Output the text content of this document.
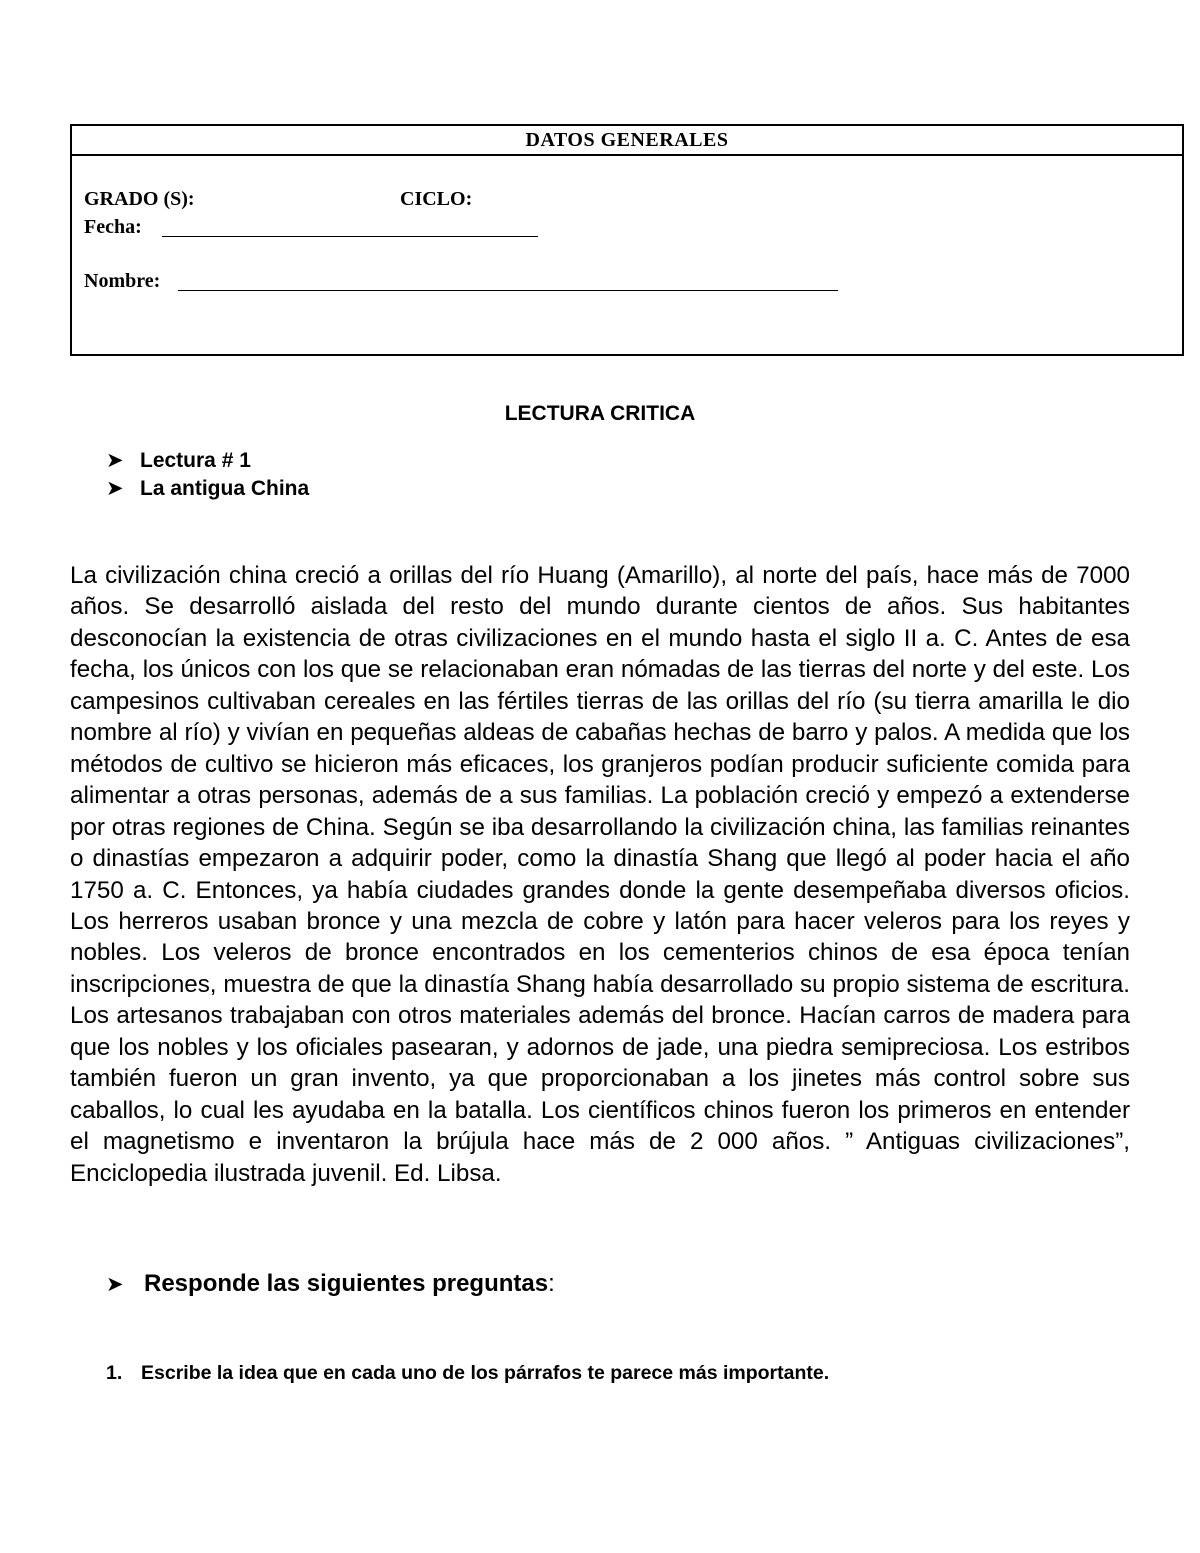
DATOS GENERALES
GRADO (S):	CICLO:
Fecha:
Nombre:
LECTURA CRITICA
➤ Lectura # 1
➤ La antigua China
La civilización china creció a orillas del río Huang (Amarillo), al norte del país, hace más de 7000 años. Se desarrolló aislada del resto del mundo durante cientos de años. Sus habitantes desconocían la existencia de otras civilizaciones en el mundo hasta el siglo II a. C. Antes de esa fecha, los únicos con los que se relacionaban eran nómadas de las tierras del norte y del este. Los campesinos cultivaban cereales en las fértiles tierras de las orillas del río (su tierra amarilla le dio nombre al río) y vivían en pequeñas aldeas de cabañas hechas de barro y palos. A medida que los métodos de cultivo se hicieron más eficaces, los granjeros podían producir suficiente comida para alimentar a otras personas, además de a sus familias. La población creció y empezó a extenderse por otras regiones de China. Según se iba desarrollando la civilización china, las familias reinantes o dinastías empezaron a adquirir poder, como la dinastía Shang que llegó al poder hacia el año 1750 a. C. Entonces, ya había ciudades grandes donde la gente desempeñaba diversos oficios. Los herreros usaban bronce y una mezcla de cobre y latón para hacer veleros para los reyes y nobles. Los veleros de bronce encontrados en los cementerios chinos de esa época tenían inscripciones, muestra de que la dinastía Shang había desarrollado su propio sistema de escritura. Los artesanos trabajaban con otros materiales además del bronce. Hacían carros de madera para que los nobles y los oficiales pasearan, y adornos de jade, una piedra semipreciosa. Los estribos también fueron un gran invento, ya que proporcionaban a los jinetes más control sobre sus caballos, lo cual les ayudaba en la batalla. Los científicos chinos fueron los primeros en entender el magnetismo e inventaron la brújula hace más de 2 000 años. ” Antiguas civilizaciones”, Enciclopedia ilustrada juvenil. Ed. Libsa.
➤ Responde las siguientes preguntas:
1. Escribe la idea que en cada uno de los párrafos te parece más importante.
